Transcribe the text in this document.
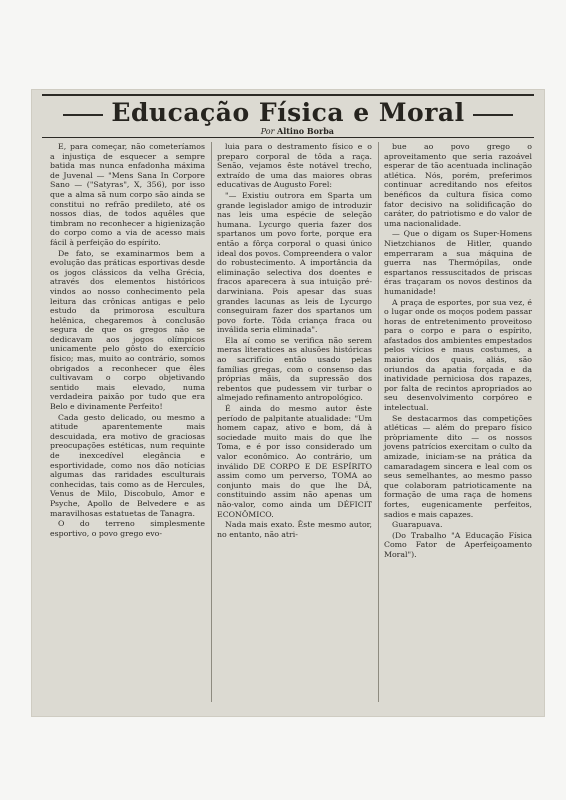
Educação Física e Moral
Por Altino Borba

E, para começar, não cometeríamos a injustiça de esquecer a sempre batida mas nunca enfadonha máxima de Juvenal — "Mens Sana In Corpore Sano — ("Satyras", X, 356), por isso que a alma sã num corpo são ainda se constitui no refrão predileto, até os nossos dias, de todos aquêles que timbram no reconhecer a higienização do corpo como a via de acesso mais fácil à perfeição do espírito.

De fato, se examinarmos bem a evolução das práticas esportivas desde os jogos clássicos da velha Grécia, através dos elementos históricos vindos ao nosso conhecimento pela leitura das crônicas antigas e pelo estudo da primorosa escultura helênica, chegaremos à conclusão segura de que os gregos não se dedicavam aos jogos olímpicos unicamente pelo gôsto do exercício físico; mas, muito ao contrário, somos obrigados a reconhecer que êles cultivavam o corpo objetivando sentido mais elevado, numa verdadeira paixão por tudo que era Belo e divinamente Perfeito!

Cada gesto delicado, ou mesmo a atitude aparentemente mais descuidada, era motivo de graciosas preocupações estéticas, num requinte de inexcedível elegância e esportividade, como nos dão notícias algumas das raridades esculturais conhecidas, tais como as de Hercules, Venus de Milo, Discobulo, Amor e Psyche, Apollo de Belvedere e as maravilhosas estatuetas de Tanagra.

O do terreno simplesmente esportivo, o povo grego evo-

luia para o destramento físico e o preparo corporal de tôda a raça. Senão, vejamos êste notável trecho, extraído de uma das maiores obras educativas de Augusto Forel:

"— Existiu outrora em Sparta um grande legislador amigo de introduzir nas leis uma espécie de seleção humana. Lycurgo queria fazer dos spartanos um povo forte, porque era então a fôrça corporal o quasi único ideal dos povos. Compreendera o valor do robustecimento. A importância da eliminação selectiva dos doentes e fracos aparecera à sua intuição pré-darwiniana. Pois apesar das suas grandes lacunas as leis de Lycurgo conseguiram fazer dos spartanos um povo forte. Tôda criança fraca ou inválida seria eliminada".

Ela aí como se verifica não serem meras literatices as alusões históricas ao sacrifício então usado pelas famílias gregas, com o consenso das próprias mãis, da supressão dos rebentos que pudessem vir turbar o almejado refinamento antropológico.

É ainda do mesmo autor êste período de palpitante atualidade: "Um homem capaz, ativo e bom, dá à sociedade muito mais do que lhe Toma, e é por isso considerado um valor econômico. Ao contrário, um inválido DE CORPO E DE ESPÍRITO assim como um perverso, TOMA ao conjunto mais do que lhe DÁ, constituindo assim não apenas um não-valor, como ainda um DÉFICIT ECONÔMICO.

Nada mais exato. Êste mesmo autor, no entanto, não atri-

bue ao povo grego o aproveitamento que seria razoável esperar de tão acentuada inclinação atlética. Nós, porém, preferimos continuar acreditando nos efeitos benéficos da cultura física como fator decisivo na solidificação do caráter, do patriotismo e do valor de uma nacionalidade.

— Que o digam os Super-Homens Nietzchianos de Hitler, quando emperraram a sua máquina de guerra nas Thermópilas, onde espartanos ressuscitados de priscas éras traçaram os novos destinos da humanidade!

A praça de esportes, por sua vez, é o lugar onde os moços podem passar horas de entretenimento proveitoso para o corpo e para o espírito, afastados dos ambientes empestados pelos vícios e maus costumes, a maioria dos quais, aliás, são oriundos da apatia forçada e da inatividade perniciosa dos rapazes, por falta de recintos apropriados ao seu desenvolvimento corpóreo e intelectual.

Se destacarmos das competições atléticas — além do preparo físico pròpriamente dito — os nossos jovens patrícios exercitam o culto da amizade, iniciam-se na prática da camaradagem sincera e leal com os seus semelhantes, ao mesmo passo que colaboram patrioticamente na formação de uma raça de homens fortes, eugenicamente perfeitos, sadios e mais capazes.

Guarapuava.

(Do Trabalho "A Educação Física Como Fator de Aperfeiçoamento Moral").
